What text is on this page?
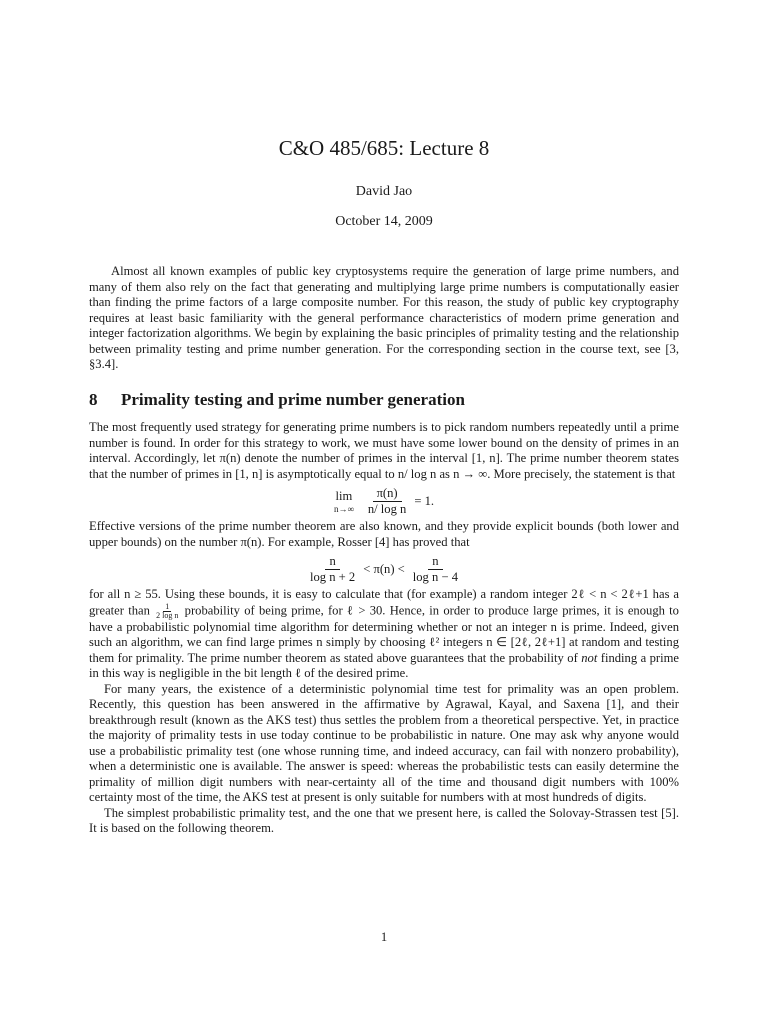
C&O 485/685: Lecture 8
David Jao
October 14, 2009

Almost all known examples of public key cryptosystems require the generation of large prime numbers, and many of them also rely on the fact that generating and multiplying large prime numbers is computationally easier than finding the prime factors of a large composite number. For this reason, the study of public key cryptography requires at least basic familiarity with the general performance characteristics of modern prime generation and integer factorization algorithms. We begin by explaining the basic principles of primality testing and the relationship between primality testing and prime number generation. For the corresponding section in the course text, see [3, §3.4].

8 Primality testing and prime number generation

The most frequently used strategy for generating prime numbers is to pick random numbers repeatedly until a prime number is found. In order for this strategy to work, we must have some lower bound on the density of primes in an interval. Accordingly, let π(n) denote the number of primes in the interval [1, n]. The prime number theorem states that the number of primes in [1, n] is asymptotically equal to n/ log n as n → ∞. More precisely, the statement is that

lim
$n\to\infty \frac{\pi(n)}{\text{n/ log n}} = 1$.

Effective versions of the prime number theorem are also known, and they provide explicit bounds (both lower and upper bounds) on the number π(n). For example, Rosser [4] has proved that

$\frac{n}{\text{log n + 2}} < \pi(n) < \frac{n}{\text{log n − 4}}$

for all n ≥ 55. Using these bounds, it is easy to calculate that (for example) a random integer 2ℓ < n < 2ℓ+1 has a greater than $\frac{1}{\text{2 log n}}$ probability of being prime, for ℓ > 30. Hence, in order to produce large primes, it is enough to have a probabilistic polynomial time algorithm for determining whether or not an integer n is prime. Indeed, given such an algorithm, we can find large primes n simply by choosing ℓ² integers n ∈ [2ℓ, 2ℓ+1] at random and testing them for primality. The prime number theorem as stated above guarantees that the probability of not finding a prime in this way is negligible in the bit length ℓ of the desired prime.

For many years, the existence of a deterministic polynomial time test for primality was an open problem. Recently, this question has been answered in the affirmative by Agrawal, Kayal, and Saxena [1], and their breakthrough result (known as the AKS test) thus settles the problem from a theoretical perspective. Yet, in practice the majority of primality tests in use today continue to be probabilistic in nature. One may ask why anyone would use a probabilistic primality test (one whose running time, and indeed accuracy, can fail with nonzero probability), when a deterministic one is available. The answer is speed: whereas the probabilistic tests can easily determine the primality of million digit numbers with near-certainty all of the time and thousand digit numbers with 100% certainty most of the time, the AKS test at present is only suitable for numbers with at most hundreds of digits.

The simplest probabilistic primality test, and the one that we present here, is called the Solovay-Strassen test [5]. It is based on the following theorem.

1
